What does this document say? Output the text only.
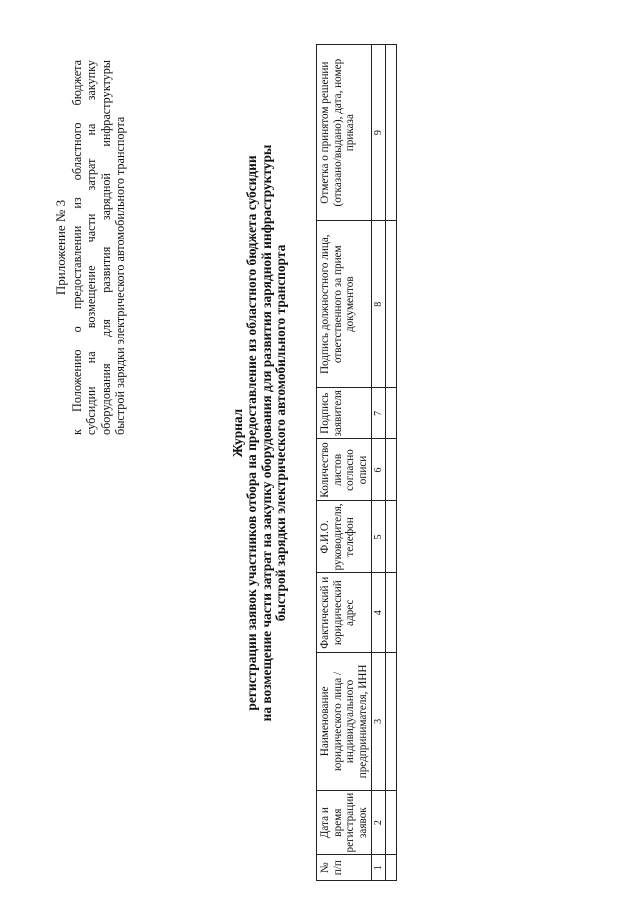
Приложение № 3 к Положению о предоставлении из областного бюджета субсидии на возмещение части затрат на закупку оборудования для развития зарядной инфраструктуры быстрой зарядки электрического автомобильного транспорта	Журнал регистрации заявок участников отбора на предоставление из областного бюджета субсидии на возмещение части затрат на закупку оборудования для развития зарядной инфраструктуры быстрой зарядки электрического автомобильного транспорта
№ п/п	Дата и время регистрации заявок	Наименование юридического лица / индивидуального предпринимателя, ИНН	Фактический и юридический адрес	Ф.И.О. руководителя, телефон	Количество листов согласно описи	Подпись заявителя	Подпись должностного лица, ответственного за прием документов	Отметка о принятом решении (отказано/выдано), дата, номер приказа
1	2	3	4	5	6	7	8	9
